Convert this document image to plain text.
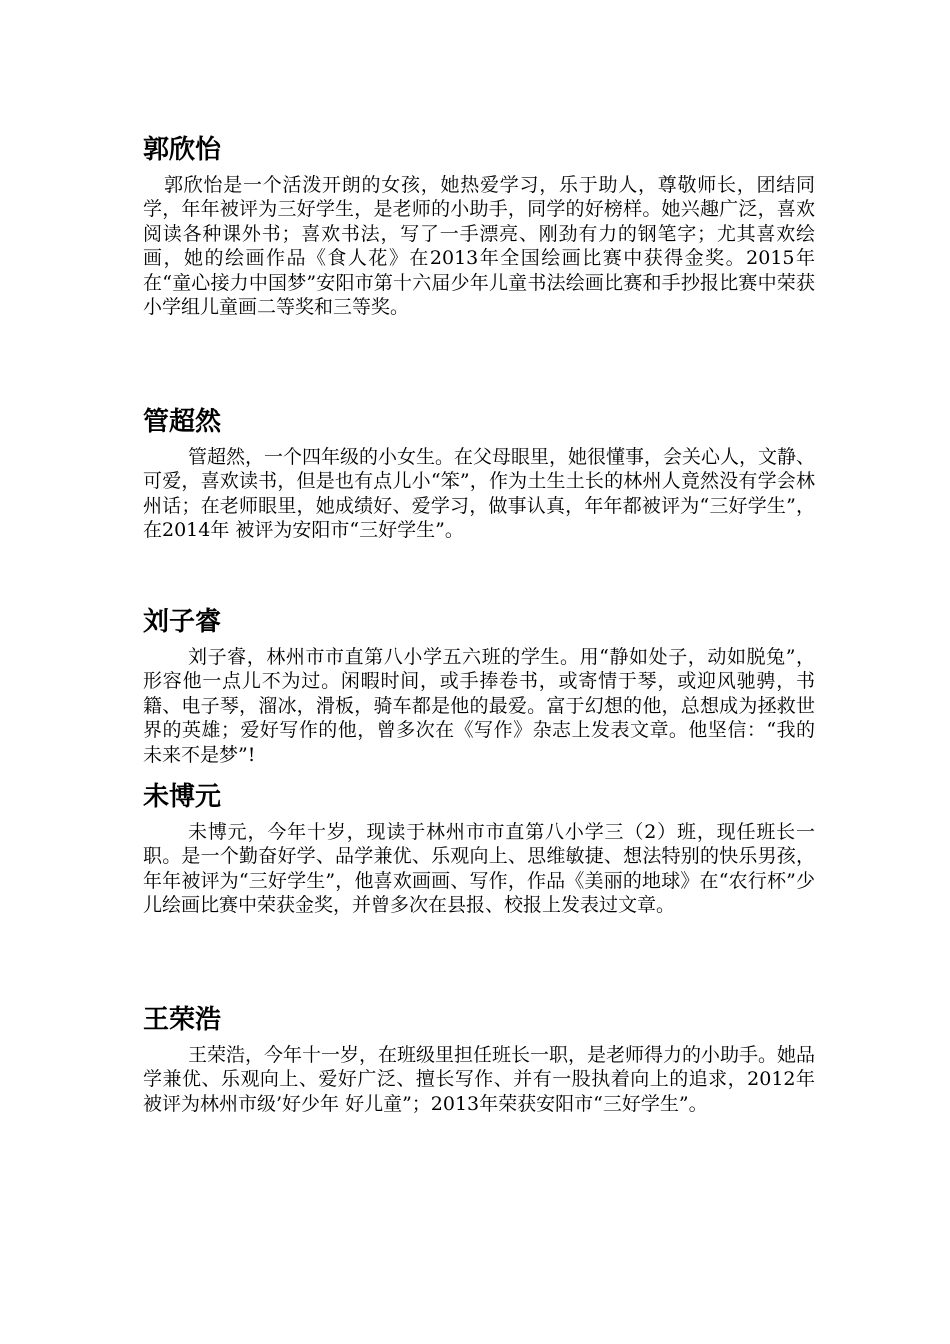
郭欣怡

郭欣怡是一个活泼开朗的女孩，她热爱学习，乐于助人，尊敬师长，团结同学，年年被评为三好学生，是老师的小助手，同学的好榜样。她兴趣广泛，喜欢阅读各种课外书；喜欢书法，写了一手漂亮、刚劲有力的钢笔字；尤其喜欢绘画，她的绘画作品《食人花》在2013年全国绘画比赛中获得金奖。2015年在“童心接力中国梦”安阳市第十六届少年儿童书法绘画比赛和手抄报比赛中荣获小学组儿童画二等奖和三等奖。

管超然

管超然，一个四年级的小女生。在父母眼里，她很懂事，会关心人，文静、可爱，喜欢读书，但是也有点儿小“笨”，作为土生土长的林州人竟然没有学会林州话；在老师眼里，她成绩好、爱学习，做事认真，年年都被评为“三好学生”，在2014年 被评为安阳市“三好学生”。

刘子睿

刘子睿，林州市市直第八小学五六班的学生。用“静如处子，动如脱兔”，形容他一点儿不为过。闲暇时间，或手捧卷书，或寄情于琴，或迎风驰骋，书籍、电子琴，溜冰，滑板，骑车都是他的最爱。富于幻想的他，总想成为拯救世界的英雄；爱好写作的他，曾多次在《写作》杂志上发表文章。他坚信：“我的未来不是梦”!

未博元

未博元，今年十岁，现读于林州市市直第八小学三（2）班，现任班长一职。是一个勤奋好学、品学兼优、乐观向上、思维敏捷、想法特别的快乐男孩，年年被评为“三好学生”，他喜欢画画、写作，作品《美丽的地球》在“农行杯”少儿绘画比赛中荣获金奖，并曾多次在县报、校报上发表过文章。

王荣浩

王荣浩，今年十一岁，在班级里担任班长一职，是老师得力的小助手。她品学兼优、乐观向上、爱好广泛、擅长写作、并有一股执着向上的追求，2012年被评为林州市级’好少年 好儿童”；2013年荣获安阳市“三好学生”。
